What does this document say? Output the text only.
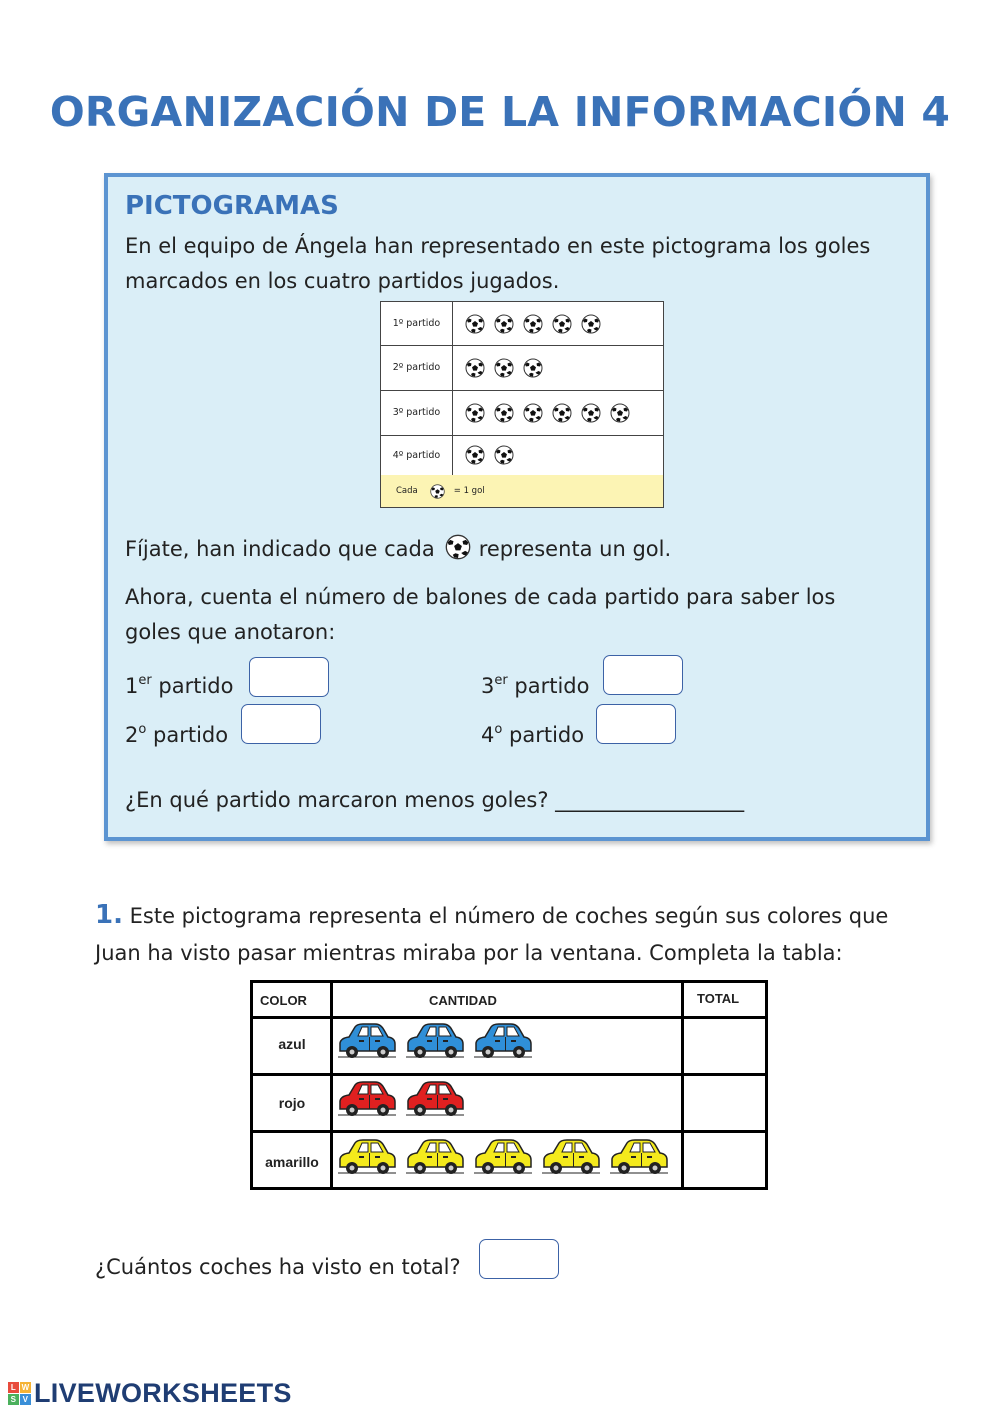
ORGANIZACIÓN DE LA INFORMACIÓN 4
PICTOGRAMAS
En el equipo de Ángela han representado en este pictograma los goles
marcados en los cuatro partidos jugados.
1º partido
2º partido
3º partido
4º partido
Cada	= 1 gol
Fíjate, han indicado que cada representa un gol.
Ahora, cuenta el número de balones de cada partido para saber los
goles que anotaron:
1er partido	3er partido
2$^o$ partido	4$^o$ partido
¿En qué partido marcaron menos goles? __________________
1. Este pictograma representa el número de coches según sus colores que
Juan ha visto pasar mientras miraba por la ventana. Completa la tabla:
COLOR	CANTIDAD	TOTAL
azul
rojo
amarillo
¿Cuántos coches ha visto en total?
L W
S V LIVEWORKSHEETS
